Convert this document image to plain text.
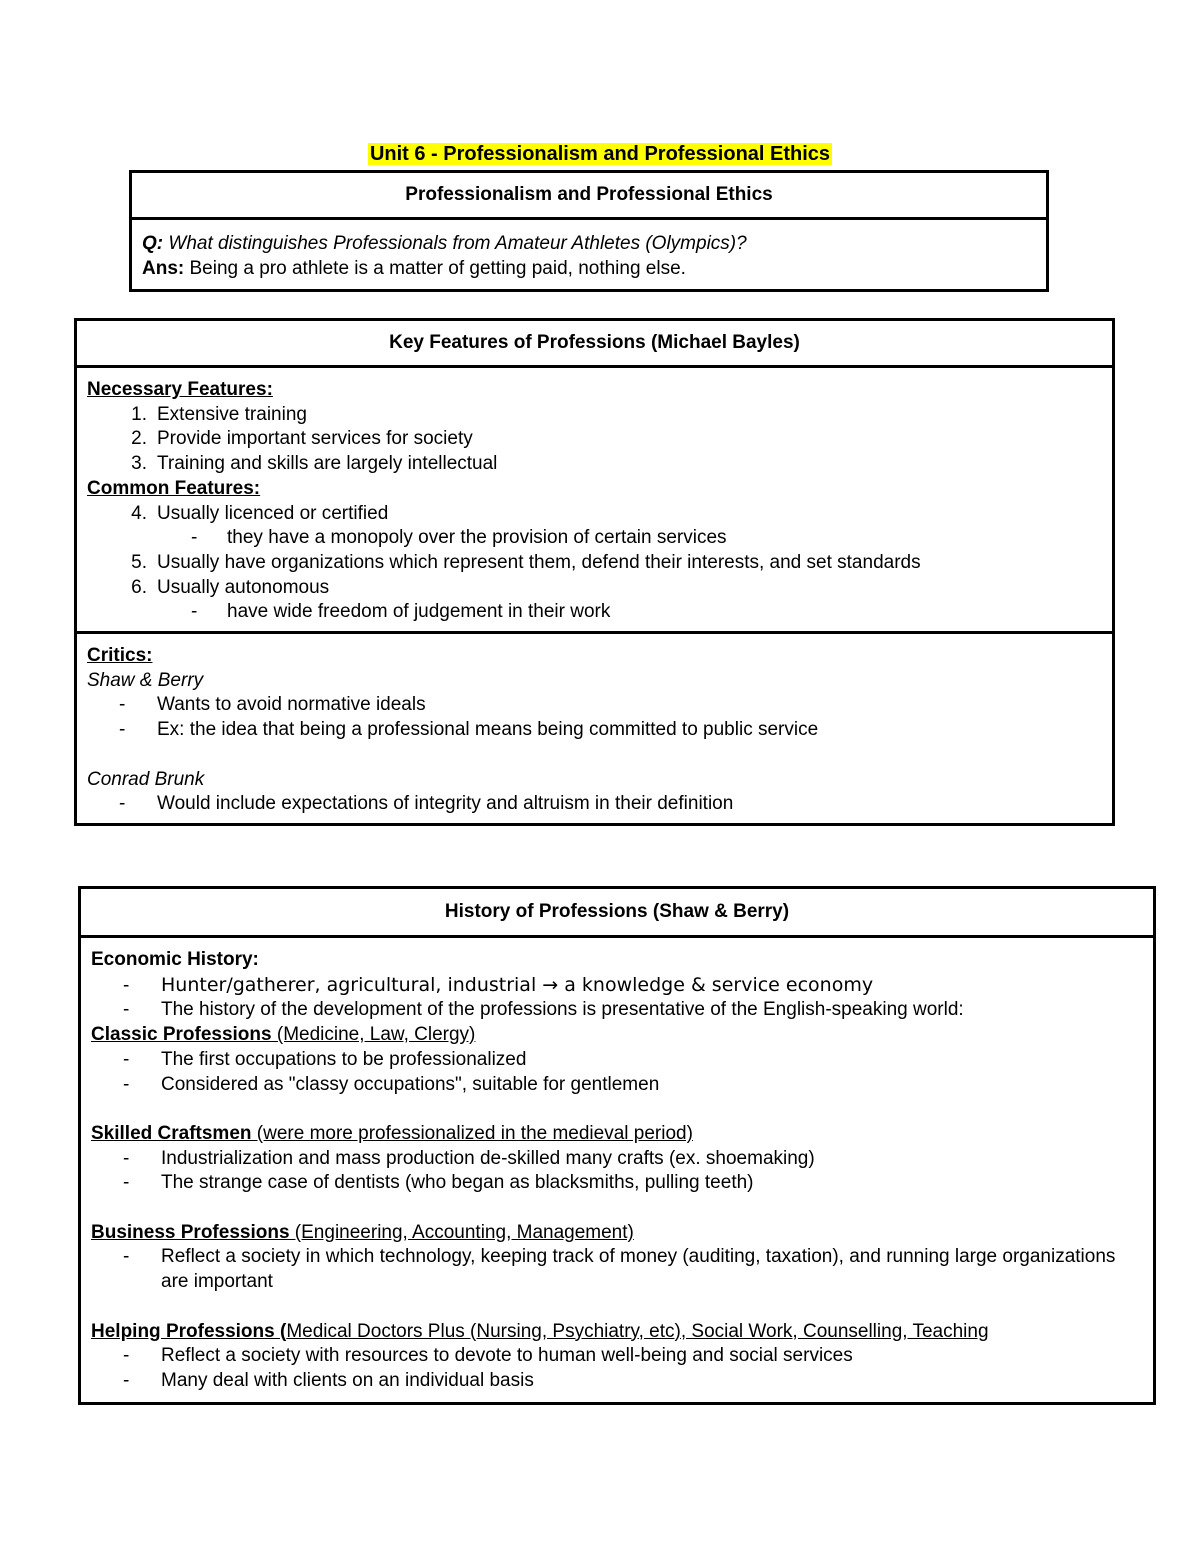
Unit 6 - Professionalism and Professional Ethics
Professionalism and Professional Ethics

Q: What distinguishes Professionals from Amateur Athletes (Olympics)?
Ans: Being a pro athlete is a matter of getting paid, nothing else.
Key Features of Professions (Michael Bayles)

Necessary Features:
1. Extensive training
2. Provide important services for society
3. Training and skills are largely intellectual
Common Features:
4. Usually licenced or certified
- they have a monopoly over the provision of certain services
5. Usually have organizations which represent them, defend their interests, and set standards
6. Usually autonomous
- have wide freedom of judgement in their work

Critics:
Shaw & Berry
- Wants to avoid normative ideals
- Ex: the idea that being a professional means being committed to public service
Conrad Brunk
- Would include expectations of integrity and altruism in their definition
History of Professions (Shaw & Berry)

Economic History:
- Hunter/gatherer, agricultural, industrial → a knowledge & service economy
- The history of the development of the professions is presentative of the English-speaking world:
Classic Professions (Medicine, Law, Clergy)
- The first occupations to be professionalized
- Considered as "classy occupations", suitable for gentlemen
Skilled Craftsmen (were more professionalized in the medieval period)
- Industrialization and mass production de-skilled many crafts (ex. shoemaking)
- The strange case of dentists (who began as blacksmiths, pulling teeth)
Business Professions (Engineering, Accounting, Management)
- Reflect a society in which technology, keeping track of money (auditing, taxation), and running large organizations are important
Helping Professions (Medical Doctors Plus (Nursing, Psychiatry, etc), Social Work, Counselling, Teaching
- Reflect a society with resources to devote to human well-being and social services
- Many deal with clients on an individual basis
